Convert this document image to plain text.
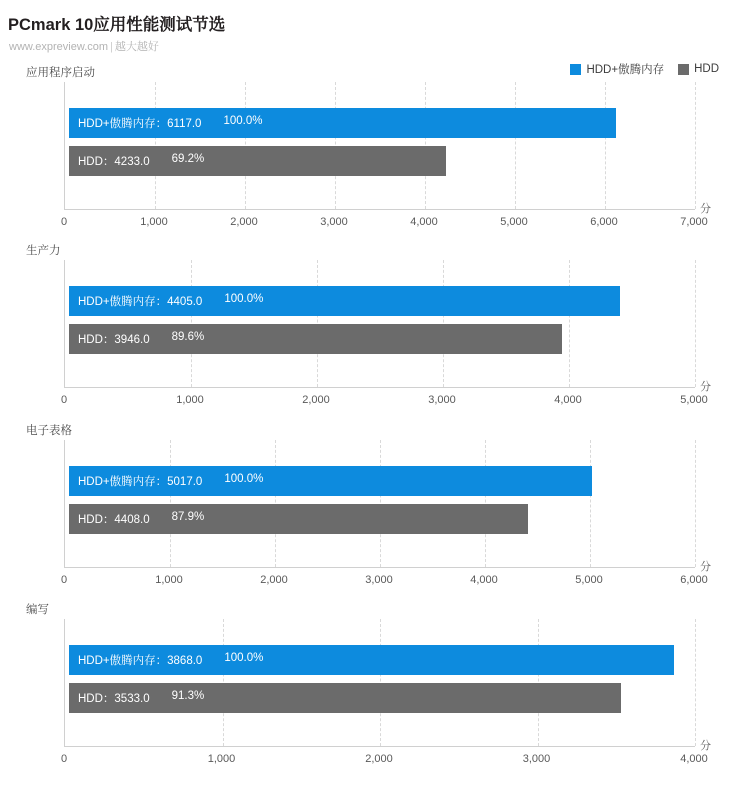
PCmark 10应用性能测试节选
www.expreview.com | 越大越好
HDD+傲腾内存	HDD
应用程序启动
HDD+傲腾内存：6117.0 100.0%
HDD：4233.0 69.2%
0	1,000	2,000	3,000	4,000	5,000	6,000	7,000
分
生产力
HDD+傲腾内存：4405.0 100.0%
HDD：3946.0 89.6%
0	1,000	2,000	3,000	4,000	5,000
分
电子表格
HDD+傲腾内存：5017.0 100.0%
HDD：4408.0 87.9%
0	1,000	2,000	3,000	4,000	5,000	6,000
分
编写
HDD+傲腾内存：3868.0 100.0%
HDD：3533.0 91.3%
0	1,000	2,000	3,000	4,000
分
